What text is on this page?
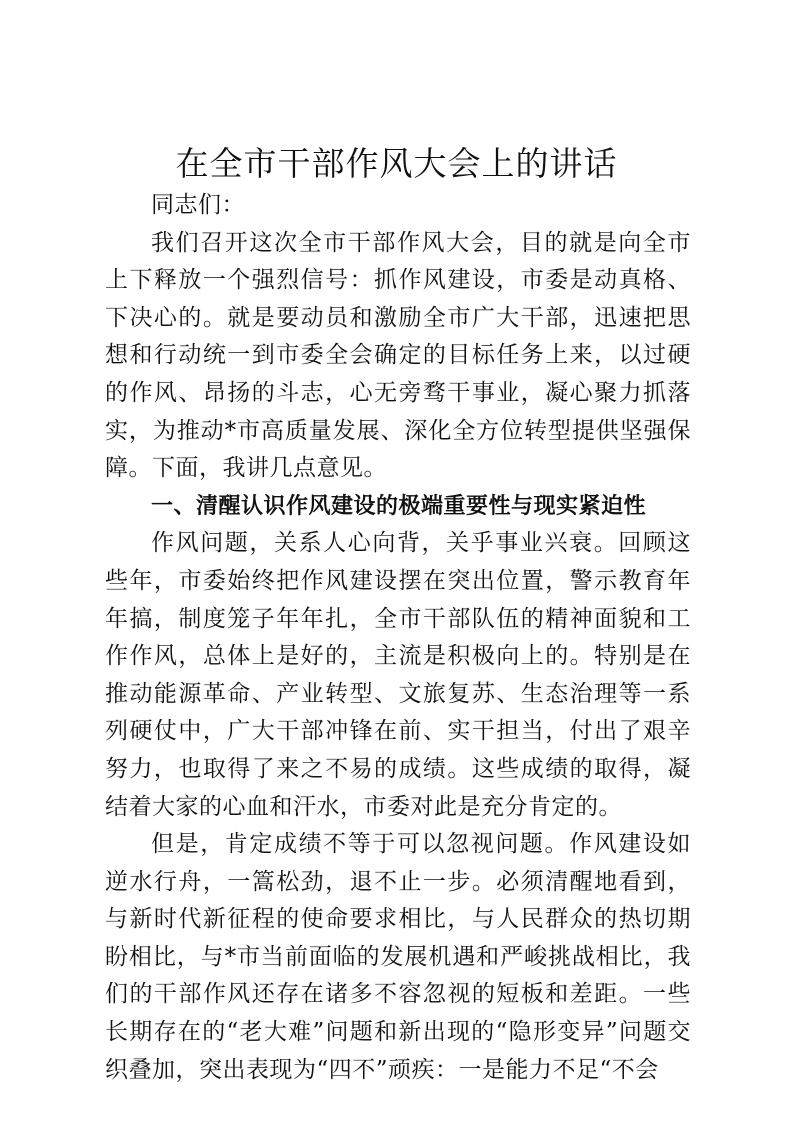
在全市干部作风大会上的讲话

同志们：

我们召开这次全市干部作风大会，目的就是向全市上下释放一个强烈信号：抓作风建设，市委是动真格、下决心的。就是要动员和激励全市广大干部，迅速把思想和行动统一到市委全会确定的目标任务上来，以过硬的作风、昂扬的斗志，心无旁骛干事业，凝心聚力抓落实，为推动*市高质量发展、深化全方位转型提供坚强保障。下面，我讲几点意见。

一、清醒认识作风建设的极端重要性与现实紧迫性

作风问题，关系人心向背，关乎事业兴衰。回顾这些年，市委始终把作风建设摆在突出位置，警示教育年年搞，制度笼子年年扎，全市干部队伍的精神面貌和工作作风，总体上是好的，主流是积极向上的。特别是在推动能源革命、产业转型、文旅复苏、生态治理等一系列硬仗中，广大干部冲锋在前、实干担当，付出了艰辛努力，也取得了来之不易的成绩。这些成绩的取得，凝结着大家的心血和汗水，市委对此是充分肯定的。

但是，肯定成绩不等于可以忽视问题。作风建设如逆水行舟，一篙松劲，退不止一步。必须清醒地看到，与新时代新征程的使命要求相比，与人民群众的热切期盼相比，与*市当前面临的发展机遇和严峻挑战相比，我们的干部作风还存在诸多不容忽视的短板和差距。一些长期存在的“老大难”问题和新出现的“隐形变异”问题交织叠加，突出表现为“四不”顽疾：一是能力不足“不会
